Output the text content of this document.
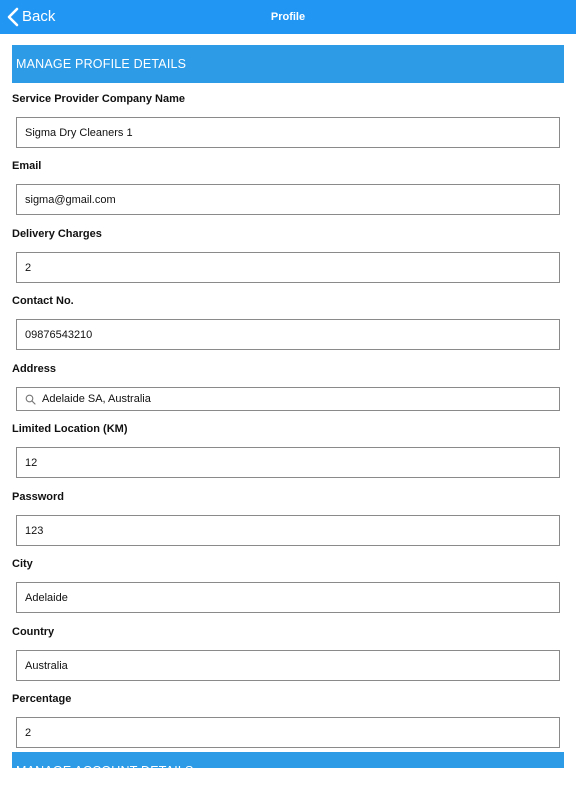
Back	Profile
MANAGE PROFILE DETAILS
Service Provider Company Name
Sigma Dry Cleaners 1
Email
sigma@gmail.com
Delivery Charges
2
Contact No.
09876543210
Address
Adelaide SA, Australia
Limited Location (KM)
12
Password
123
City
Adelaide
Country
Australia
Percentage
2
MANAGE ACCOUNT DETAILS
